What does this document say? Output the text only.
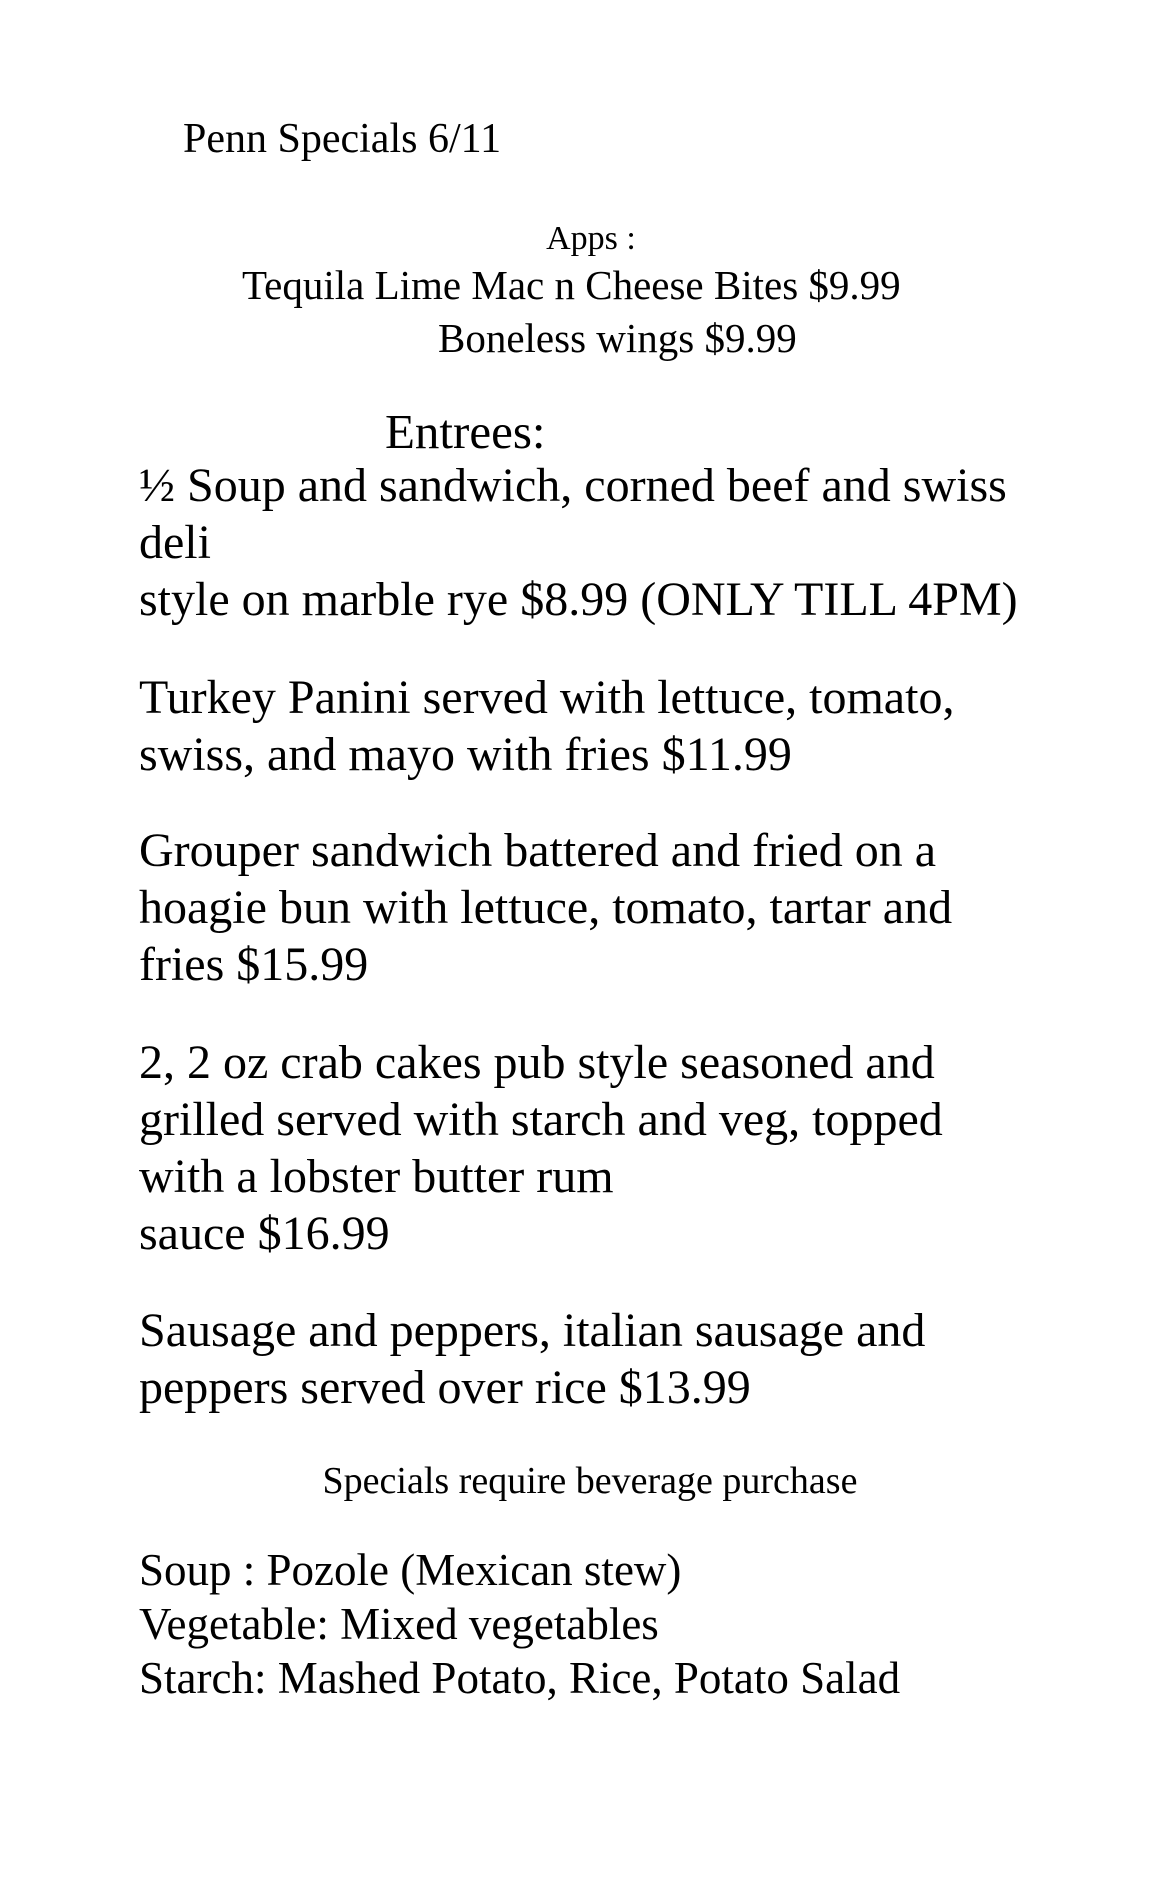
Penn Specials 6/11
Apps :
Tequila Lime Mac n Cheese Bites $9.99
Boneless wings $9.99
Entrees:
½ Soup and sandwich, corned beef and swiss
deli
style on marble rye $8.99 (ONLY TILL 4PM)
Turkey Panini served with lettuce, tomato,
swiss, and mayo with fries $11.99
Grouper sandwich battered and fried on a
hoagie bun with lettuce, tomato, tartar and
fries $15.99
2, 2 oz crab cakes pub style seasoned and
grilled served with starch and veg, topped
with a lobster butter rum
sauce $16.99
Sausage and peppers, italian sausage and
peppers served over rice $13.99
Specials require beverage purchase
Soup : Pozole (Mexican stew)
Vegetable: Mixed vegetables
Starch: Mashed Potato, Rice, Potato Salad
